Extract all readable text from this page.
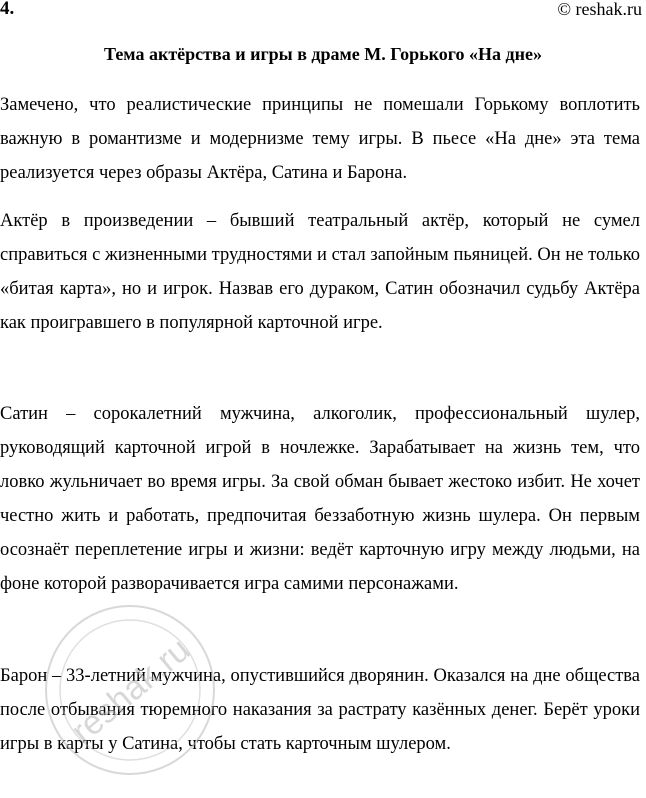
4.	© reshak.ru
Тема актёрства и игры в драме М. Горького «На дне»

Замечено, что реалистические принципы не помешали Горькому воплотить важную в романтизме и модернизме тему игры. В пьесе «На дне» эта тема реализуется через образы Актёра, Сатина и Барона.

Актёр в произведении – бывший театральный актёр, который не сумел справиться с жизненными трудностями и стал запойным пьяницей. Он не только «битая карта», но и игрок. Назвав его дураком, Сатин обозначил судьбу Актёра как проигравшего в популярной карточной игре.

Сатин – сорокалетний мужчина, алкоголик, профессиональный шулер, руководящий карточной игрой в ночлежке. Зарабатывает на жизнь тем, что ловко жульничает во время игры. За свой обман бывает жестоко избит. Не хочет честно жить и работать, предпочитая беззаботную жизнь шулера. Он первым осознаёт переплетение игры и жизни: ведёт карточную игру между людьми, на фоне которой разворачивается игра самими персонажами.

Барон – 33-летний мужчина, опустившийся дворянин. Оказался на дне общества после отбывания тюремного наказания за растрату казённых денег. Берёт уроки игры в карты у Сатина, чтобы стать карточным шулером.

reshak.ru
